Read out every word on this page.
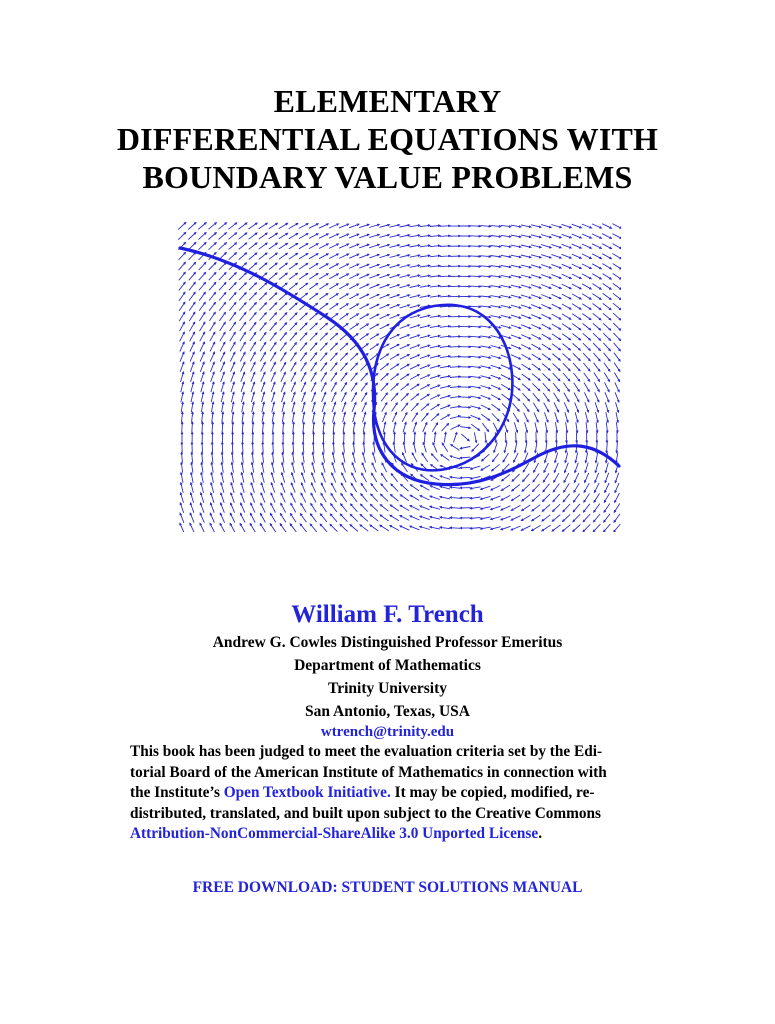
ELEMENTARY
DIFFERENTIAL EQUATIONS WITH
BOUNDARY VALUE PROBLEMS
William F. Trench
Andrew G. Cowles Distinguished Professor Emeritus
Department of Mathematics
Trinity University
San Antonio, Texas, USA
wtrench@trinity.edu
This book has been judged to meet the evaluation criteria set by the Edi-
torial Board of the American Institute of Mathematics in connection with
the Institute’s Open Textbook Initiative. It may be copied, modified, re-
distributed, translated, and built upon subject to the Creative Commons
Attribution-NonCommercial-ShareAlike 3.0 Unported License.
FREE DOWNLOAD: STUDENT SOLUTIONS MANUAL
